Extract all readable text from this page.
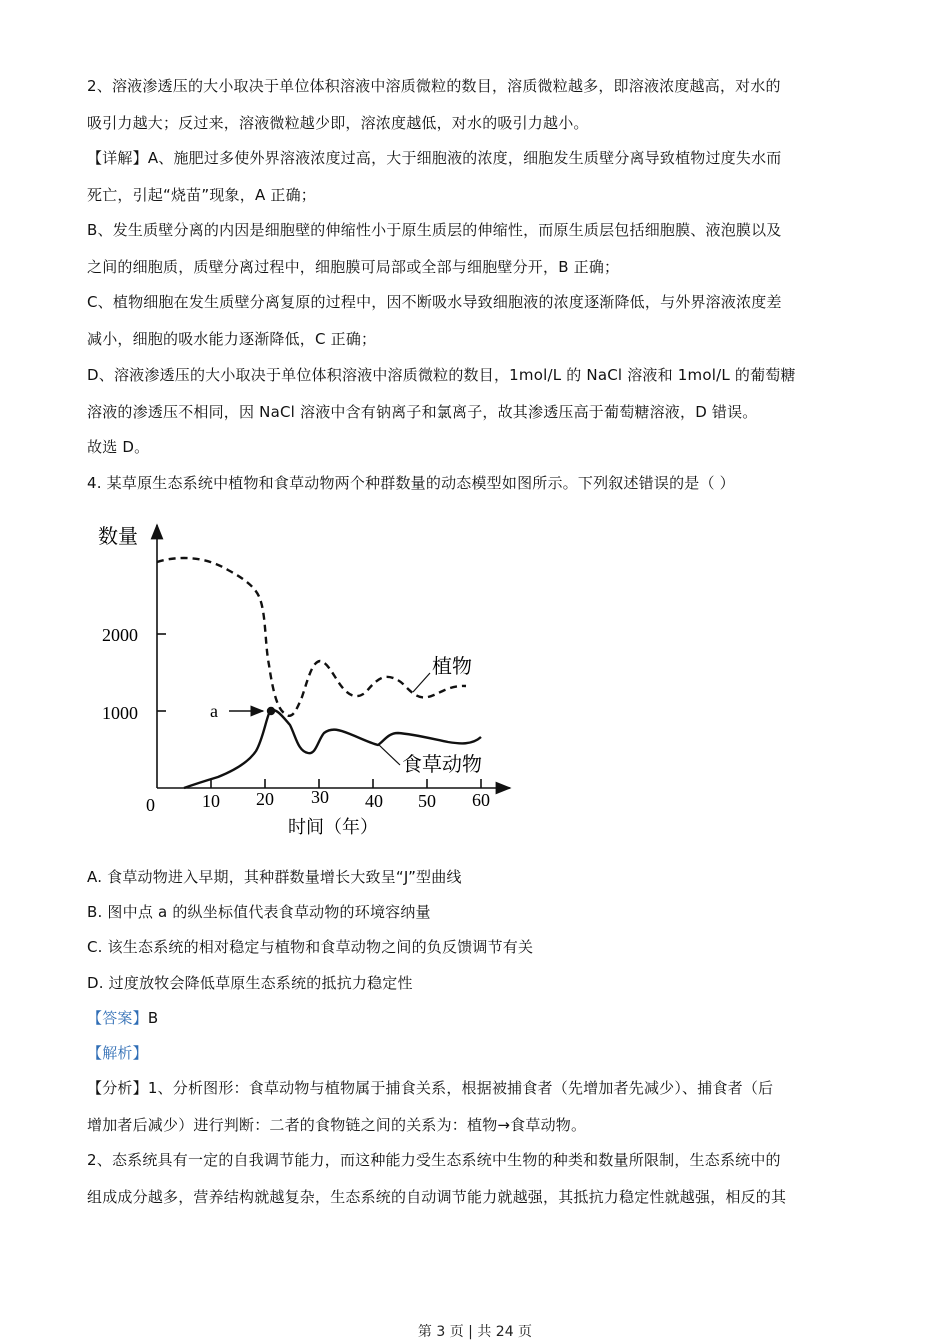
2、溶液渗透压的大小取决于单位体积溶液中溶质微粒的数目，溶质微粒越多，即溶液浓度越高，对水的
吸引力越大；反过来，溶液微粒越少即，溶浓度越低，对水的吸引力越小。
【详解】A、施肥过多使外界溶液浓度过高，大于细胞液的浓度，细胞发生质壁分离导致植物过度失水而
死亡，引起“烧苗”现象，A 正确；
B、发生质壁分离的内因是细胞壁的伸缩性小于原生质层的伸缩性，而原生质层包括细胞膜、液泡膜以及
之间的细胞质，质壁分离过程中，细胞膜可局部或全部与细胞壁分开，B 正确；
C、植物细胞在发生质壁分离复原的过程中，因不断吸水导致细胞液的浓度逐渐降低，与外界溶液浓度差
减小，细胞的吸水能力逐渐降低，C 正确；
D、溶液渗透压的大小取决于单位体积溶液中溶质微粒的数目，1mol/L 的 NaCl 溶液和 1mol/L 的葡萄糖
溶液的渗透压不相同，因 NaCl 溶液中含有钠离子和氯离子，故其渗透压高于葡萄糖溶液，D 错误。
故选 D。
4. 某草原生态系统中植物和食草动物两个种群数量的动态模型如图所示。下列叙述错误的是（ ）
数量
2000
1000
0	10 20 30 40 50 60
时间（年）
a
植物
食草动物
A. 食草动物进入早期，其种群数量增长大致呈“J”型曲线
B. 图中点 a 的纵坐标值代表食草动物的环境容纳量
C. 该生态系统的相对稳定与植物和食草动物之间的负反馈调节有关
D. 过度放牧会降低草原生态系统的抵抗力稳定性
【答案】B
【解析】
【分析】1、分析图形：食草动物与植物属于捕食关系，根据被捕食者（先增加者先减少）、捕食者（后
增加者后减少）进行判断：二者的食物链之间的关系为：植物→食草动物。
2、态系统具有一定的自我调节能力，而这种能力受生态系统中生物的种类和数量所限制，生态系统中的
组成成分越多，营养结构就越复杂，生态系统的自动调节能力就越强，其抵抗力稳定性就越强，相反的其
第 3 页 | 共 24 页
